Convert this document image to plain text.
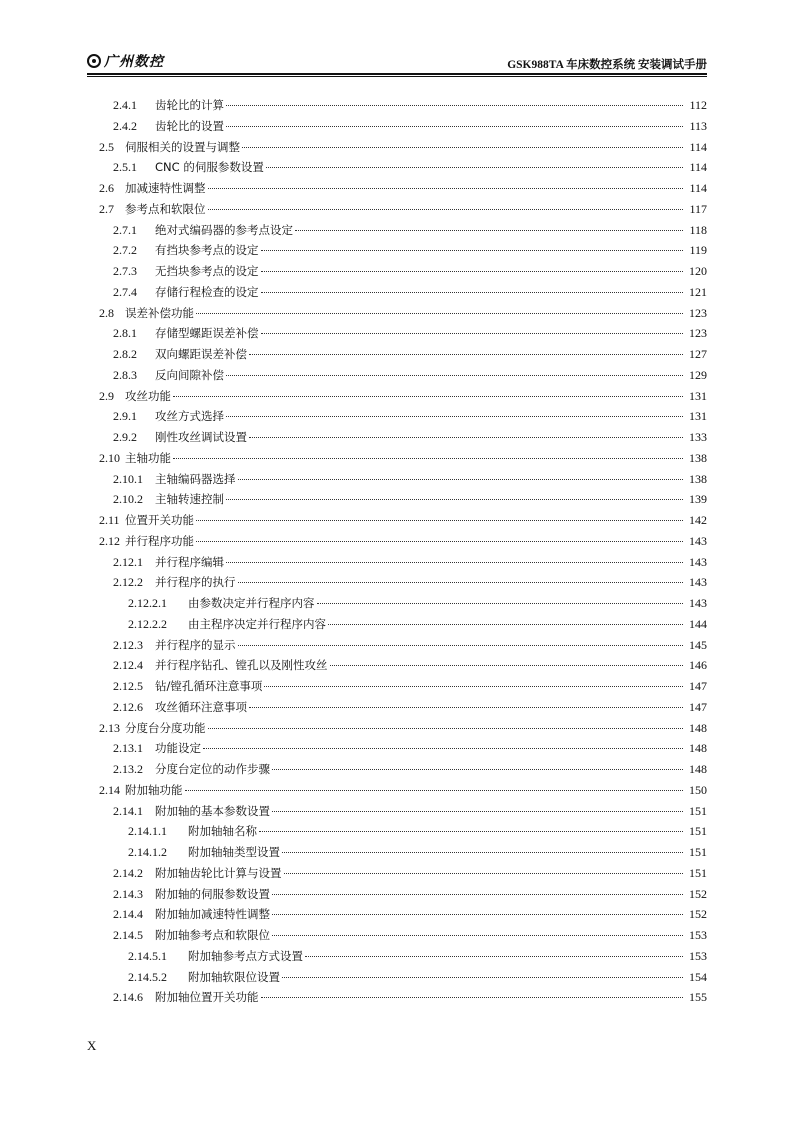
广州数控	GSK988TA 车床数控系统 安装调试手册
2.4.1	齿轮比的计算	112
2.4.2	齿轮比的设置	113
2.5 伺服相关的设置与调整	114
2.5.1	CNC 的伺服参数设置	114
2.6 加减速特性调整	114
2.7 参考点和软限位	117
2.7.1	绝对式编码器的参考点设定	118
2.7.2	有挡块参考点的设定	119
2.7.3	无挡块参考点的设定	120
2.7.4	存储行程检查的设定	121
2.8 误差补偿功能	123
2.8.1	存储型螺距误差补偿	123
2.8.2	双向螺距误差补偿	127
2.8.3	反向间隙补偿	129
2.9 攻丝功能	131
2.9.1	攻丝方式选择	131
2.9.2	刚性攻丝调试设置	133
2.10 主轴功能	138
2.10.1	主轴编码器选择	138
2.10.2	主轴转速控制	139
2.11 位置开关功能	142
2.12 并行程序功能	143
2.12.1	并行程序编辑	143
2.12.2	并行程序的执行	143
2.12.2.1	由参数决定并行程序内容	143
2.12.2.2	由主程序决定并行程序内容	144
2.12.3	并行程序的显示	145
2.12.4	并行程序钻孔、镗孔以及刚性攻丝	146
2.12.5	钻/镗孔循环注意事项	147
2.12.6	攻丝循环注意事项	147
2.13 分度台分度功能	148
2.13.1	功能设定	148
2.13.2	分度台定位的动作步骤	148
2.14 附加轴功能	150
2.14.1	附加轴的基本参数设置	151
2.14.1.1	附加轴轴名称	151
2.14.1.2	附加轴轴类型设置	151
2.14.2	附加轴齿轮比计算与设置	151
2.14.3	附加轴的伺服参数设置	152
2.14.4	附加轴加减速特性调整	152
2.14.5	附加轴参考点和软限位	153
2.14.5.1	附加轴参考点方式设置	153
2.14.5.2	附加轴软限位设置	154
2.14.6	附加轴位置开关功能	155
X
